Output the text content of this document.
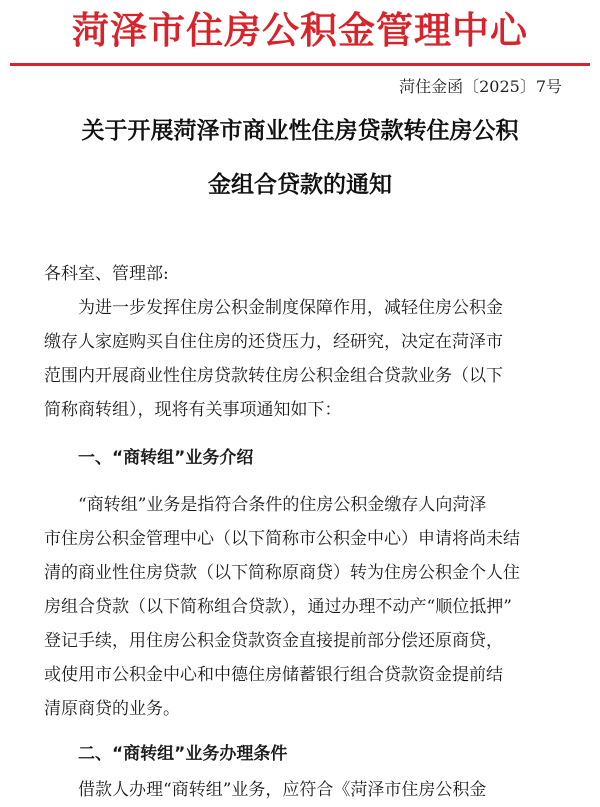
菏泽市住房公积金管理中心
菏住金函〔2025〕7号
关于开展菏泽市商业性住房贷款转住房公积
金组合贷款的通知
各科室、管理部:
　　为进一步发挥住房公积金制度保障作用，减轻住房公积金
缴存人家庭购买自住住房的还贷压力，经研究，决定在菏泽市
范围内开展商业性住房贷款转住房公积金组合贷款业务（以下
简称商转组），现将有关事项通知如下：
　　一、“商转组”业务介绍
　　“商转组”业务是指符合条件的住房公积金缴存人向菏泽
市住房公积金管理中心（以下简称市公积金中心）申请将尚未结
清的商业性住房贷款（以下简称原商贷）转为住房公积金个人住
房组合贷款（以下简称组合贷款），通过办理不动产“顺位抵押”
登记手续，用住房公积金贷款资金直接提前部分偿还原商贷，
或使用市公积金中心和中德住房储蓄银行组合贷款资金提前结
清原商贷的业务。
　　二、“商转组”业务办理条件
　　借款人办理“商转组”业务，应符合《菏泽市住房公积金
